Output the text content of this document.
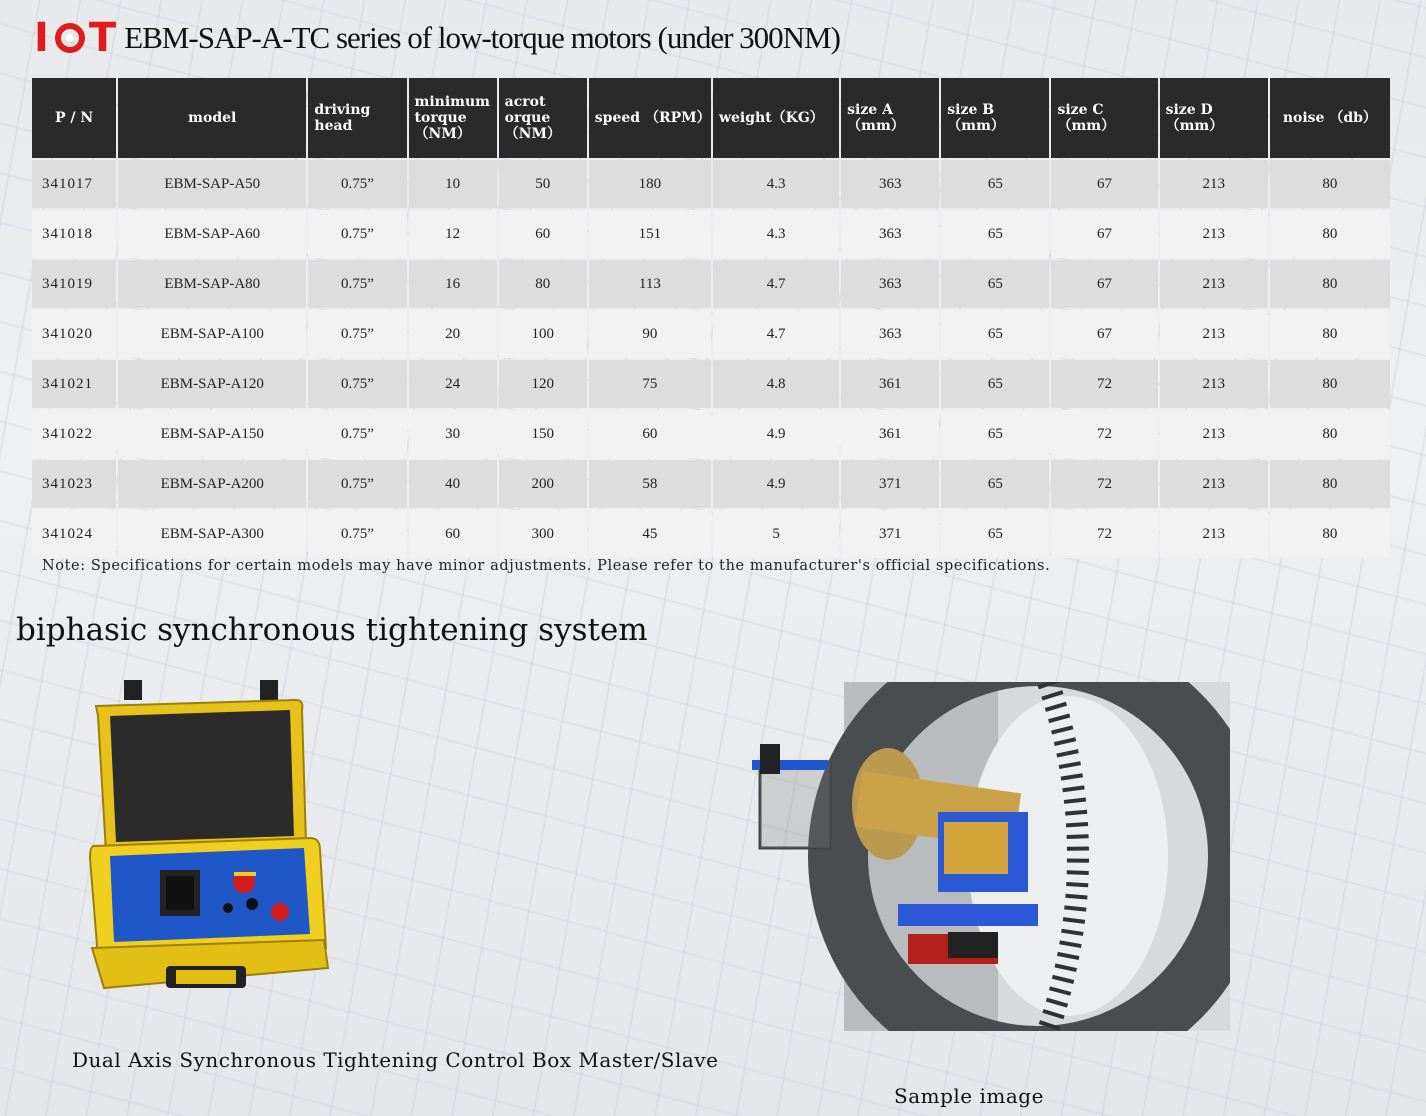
I T EBM-SAP-A-TC series of low-torque motors (under 300NM)
P / N	model	driving head	minimum torque （NM）	acrot orque （NM）	speed （RPM）	weight（KG）	size A （mm）	size B（mm）	size C （mm）	size D（mm）	noise （db）
341017	EBM-SAP-A50	0.75”	10	50	180	4.3	363	65	67	213	80
341018	EBM-SAP-A60	0.75”	12	60	151	4.3	363	65	67	213	80
341019	EBM-SAP-A80	0.75”	16	80	113	4.7	363	65	67	213	80
341020	EBM-SAP-A100	0.75”	20	100	90	4.7	363	65	67	213	80
341021	EBM-SAP-A120	0.75”	24	120	75	4.8	361	65	72	213	80
341022	EBM-SAP-A150	0.75”	30	150	60	4.9	361	65	72	213	80
341023	EBM-SAP-A200	0.75”	40	200	58	4.9	371	65	72	213	80
341024	EBM-SAP-A300	0.75”	60	300	45	5	371	65	72	213	80
Note: Specifications for certain models may have minor adjustments. Please refer to the manufacturer's official specifications.
biphasic synchronous tightening system
Dual Axis Synchronous Tightening Control Box Master/Slave
Sample image
